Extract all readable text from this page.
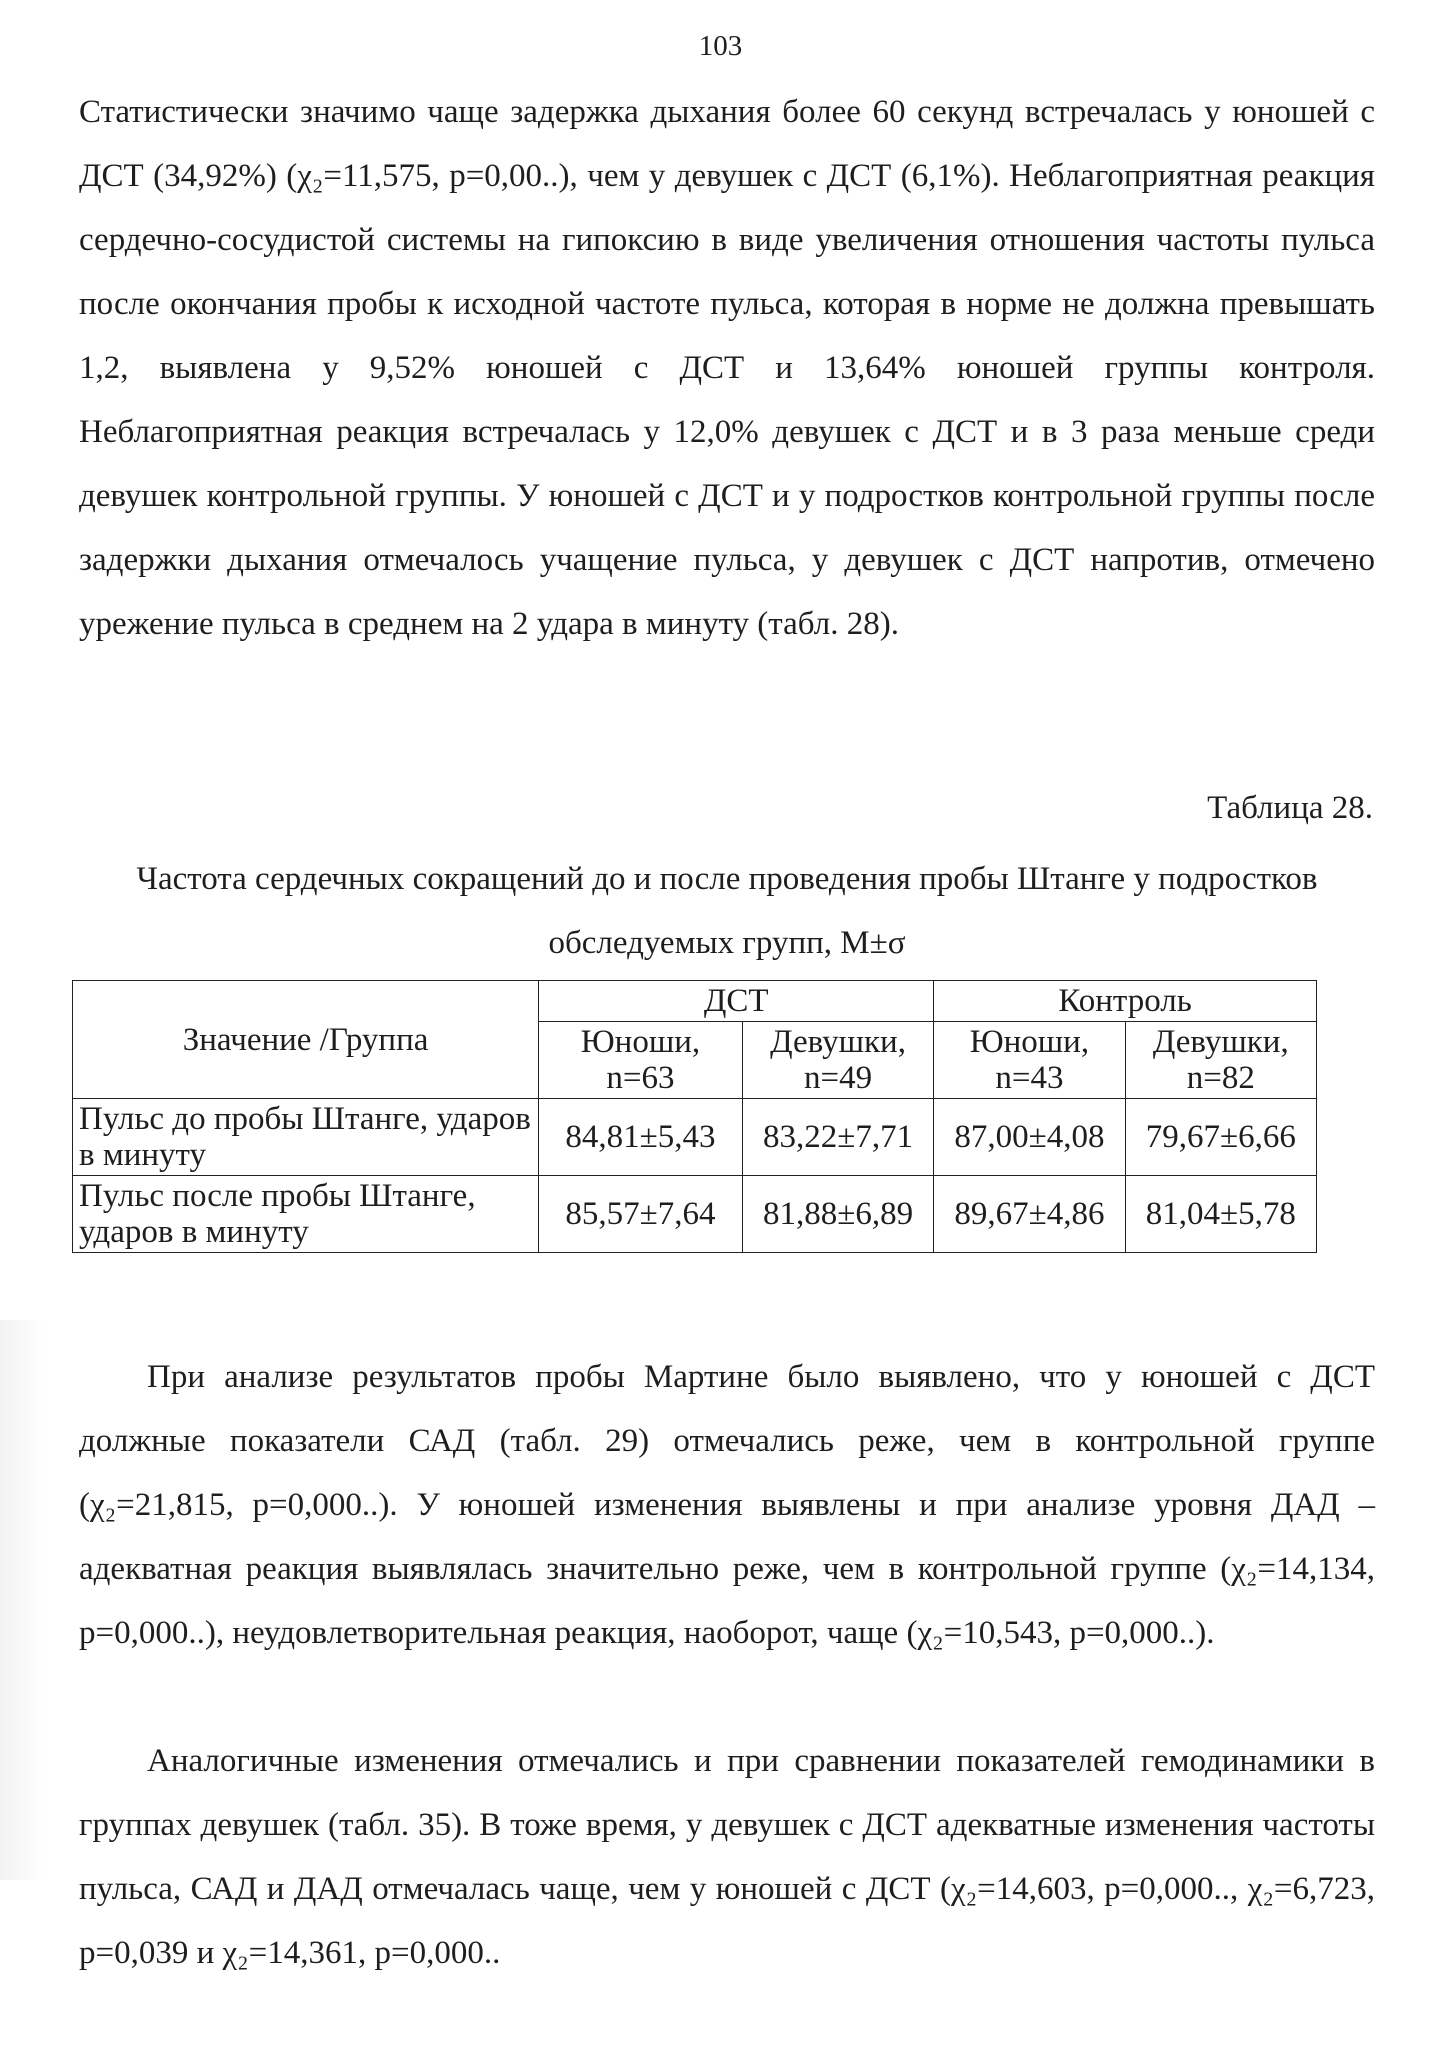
103

Статистически значимо чаще задержка дыхания более 60 секунд встречалась у юношей с ДСТ (34,92%) (χ₂=11,575, р=0,00..), чем у девушек с ДСТ (6,1%). Неблагоприятная реакция сердечно-сосудистой системы на гипоксию в виде увеличения отношения частоты пульса после окончания пробы к исходной частоте пульса, которая в норме не должна превышать 1,2, выявлена у 9,52% юношей с ДСТ и 13,64% юношей группы контроля. Неблагоприятная реакция встречалась у 12,0% девушек с ДСТ и в 3 раза меньше среди девушек контрольной группы. У юношей с ДСТ и у подростков контрольной группы после задержки дыхания отмечалось учащение пульса, у девушек с ДСТ напротив, отмечено урежение пульса в среднем на 2 удара в минуту (табл. 28).

Таблица 28.
Частота сердечных сокращений до и после проведения пробы Штанге у подростков обследуемых групп, М±σ
Значение /Группа	ДСТ		Контроль	
	Юноши, n=63	Девушки, n=49	Юноши, n=43	Девушки, n=82
Пульс до пробы Штанге, ударов в минуту	84,81±5,43	83,22±7,71	87,00±4,08	79,67±6,66
Пульс после пробы Штанге, ударов в минуту	85,57±7,64	81,88±6,89	89,67±4,86	81,04±5,78

При анализе результатов пробы Мартине было выявлено, что у юношей с ДСТ должные показатели САД (табл. 29) отмечались реже, чем в контрольной группе (χ₂=21,815, р=0,000..). У юношей изменения выявлены и при анализе уровня ДАД – адекватная реакция выявлялась значительно реже, чем в контрольной группе (χ₂=14,134, р=0,000..), неудовлетворительная реакция, наоборот, чаще (χ₂=10,543, р=0,000..).

Аналогичные изменения отмечались и при сравнении показателей гемодинамики в группах девушек (табл. 35). В тоже время, у девушек с ДСТ адекватные изменения частоты пульса, САД и ДАД отмечалась чаще, чем у юношей с ДСТ (χ₂=14,603, р=0,000.., χ₂=6,723, р=0,039 и χ₂=14,361, р=0,000..
